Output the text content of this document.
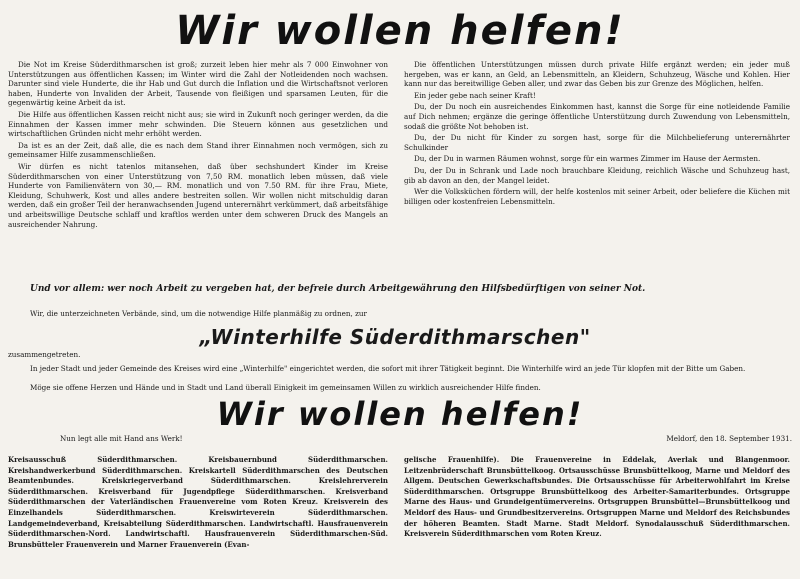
Wir wollen helfen!

Die Not im Kreise Süderdithmarschen ist groß; zurzeit leben hier mehr als 7 000 Einwohner von Unterstützungen aus öffentlichen Kassen; im Winter wird die Zahl der Notleidenden noch wachsen. Darunter sind viele Hunderte, die ihr Hab und Gut durch die Inflation und die Wirtschaftsnot verloren haben, Hunderte von Invaliden der Arbeit, Tausende von fleißigen und sparsamen Leuten, für die gegenwärtig keine Arbeit da ist.

Die Hilfe aus öffentlichen Kassen reicht nicht aus; sie wird in Zukunft noch geringer werden, da die Einnahmen der Kassen immer mehr schwinden. Die Steuern können aus gesetzlichen und wirtschaftlichen Gründen nicht mehr erhöht werden.

Da ist es an der Zeit, daß alle, die es nach dem Stand ihrer Einnahmen noch vermögen, sich zu gemeinsamer Hilfe zusammenschließen.

Wir dürfen es nicht tatenlos mitansehen, daß über sechshundert Kinder im Kreise Süderdithmarschen von einer Unterstützung von 7,50 RM. monatlich leben müssen, daß viele Hunderte von Familienvätern von 30,— RM. monatlich und von 7.50 RM. für ihre Frau, Miete, Kleidung, Schuhwerk, Kost und alles andere bestreiten sollen. Wir wollen nicht mitschuldig daran werden, daß ein großer Teil der heranwachsenden Jugend unterernährt verkümmert, daß arbeitsfähige und arbeitswillige Deutsche schlaff und kraftlos werden unter dem schweren Druck des Mangels an ausreichender Nahrung.

Die öffentlichen Unterstützungen müssen durch private Hilfe ergänzt werden; ein jeder muß hergeben, was er kann, an Geld, an Lebensmitteln, an Kleidern, Schuhzeug, Wäsche und Kohlen. Hier kann nur das bereitwillige Geben aller, und zwar das Geben bis zur Grenze des Möglichen, helfen.

Ein jeder gebe nach seiner Kraft!

Du, der Du noch ein ausreichendes Einkommen hast, kannst die Sorge für eine notleidende Familie auf Dich nehmen; ergänze die geringe öffentliche Unterstützung durch Zuwendung von Lebensmitteln, sodaß die größte Not behoben ist.

Du, der Du nicht für Kinder zu sorgen hast, sorge für die Milchbelieferung unterernährter Schulkinder

Du, der Du in warmen Räumen wohnst, sorge für ein warmes Zimmer im Hause der Aermsten.

Du, der Du in Schrank und Lade noch brauchbare Kleidung, reichlich Wäsche und Schuhzeug hast, gib ab davon an den, der Mangel leidet.

Wer die Volksküchen fördern will, der helfe kostenlos mit seiner Arbeit, oder beliefere die Küchen mit billigen oder kostenfreien Lebensmitteln.

Und vor allem: wer noch Arbeit zu vergeben hat, der befreie durch Arbeitgewährung den Hilfsbedürftigen von seiner Not.
Wir, die unterzeichneten Verbände, sind, um die notwendige Hilfe planmäßig zu ordnen, zur
„Winterhilfe Süderdithmarschen"
zusammengetreten.
In jeder Stadt und jeder Gemeinde des Kreises wird eine „Winterhilfe" eingerichtet werden, die sofort mit ihrer Tätigkeit beginnt. Die Winterhilfe wird an jede Tür klopfen mit der Bitte um Gaben.
Möge sie offene Herzen und Hände und in Stadt und Land überall Einigkeit im gemeinsamen Willen zu wirklich ausreichender Hilfe finden.
Wir wollen helfen!
Nun legt alle mit Hand ans Werk!	Meldorf, den 18. September 1931.
Kreisausschuß Süderdithmarschen. Kreisbauernbund Süderdithmarschen. Kreishandwerkerbund Süderdithmarschen. Kreiskartell Süderdithmarschen des Deutschen Beamtenbundes. Kreiskriegerverband Süderdithmarschen. Kreislehrerverein Süderdithmarschen. Kreisverband für Jugendpflege Süderdithmarschen. Kreisverband Süderdithmarschen der Vaterländischen Frauenvereine vom Roten Kreuz. Kreisverein des Einzelhandels Süderdithmarschen. Kreiswirteverein Süderdithmarschen. Landgemeindeverband, Kreisabteilung Süderdithmarschen. Landwirtschaftl. Hausfrauenverein Süderdithmarschen-Nord. Landwirtschaftl. Hausfrauenverein Süderdithmarschen-Süd. Brunsbütteler Frauenverein und Marner Frauenverein (Evan-
gelische Frauenhilfe). Die Frauenvereine in Eddelak, Averlak und Blangenmoor. Leitzenbrüderschaft Brunsbüttelkoog. Ortsausschüsse Brunsbüttelkoog, Marne und Meldorf des Allgem. Deutschen Gewerkschaftsbundes. Die Ortsausschüsse für Arbeiterwohlfahrt im Kreise Süderdithmarschen. Ortsgruppe Brunsbüttelkoog des Arbeiter-Samariterbundes. Ortsgruppe Marne des Haus- und Grundeigentümervereins. Ortsgruppen Brunsbüttel—Brunsbüttelkoog und Meldorf des Haus- und Grundbesitzervereins. Ortsgruppen Marne und Meldorf des Reichsbundes der höheren Beamten. Stadt Marne. Stadt Meldorf. Synodalausschuß Süderdithmarschen. Kreisverein Süderdithmarschen vom Roten Kreuz.
